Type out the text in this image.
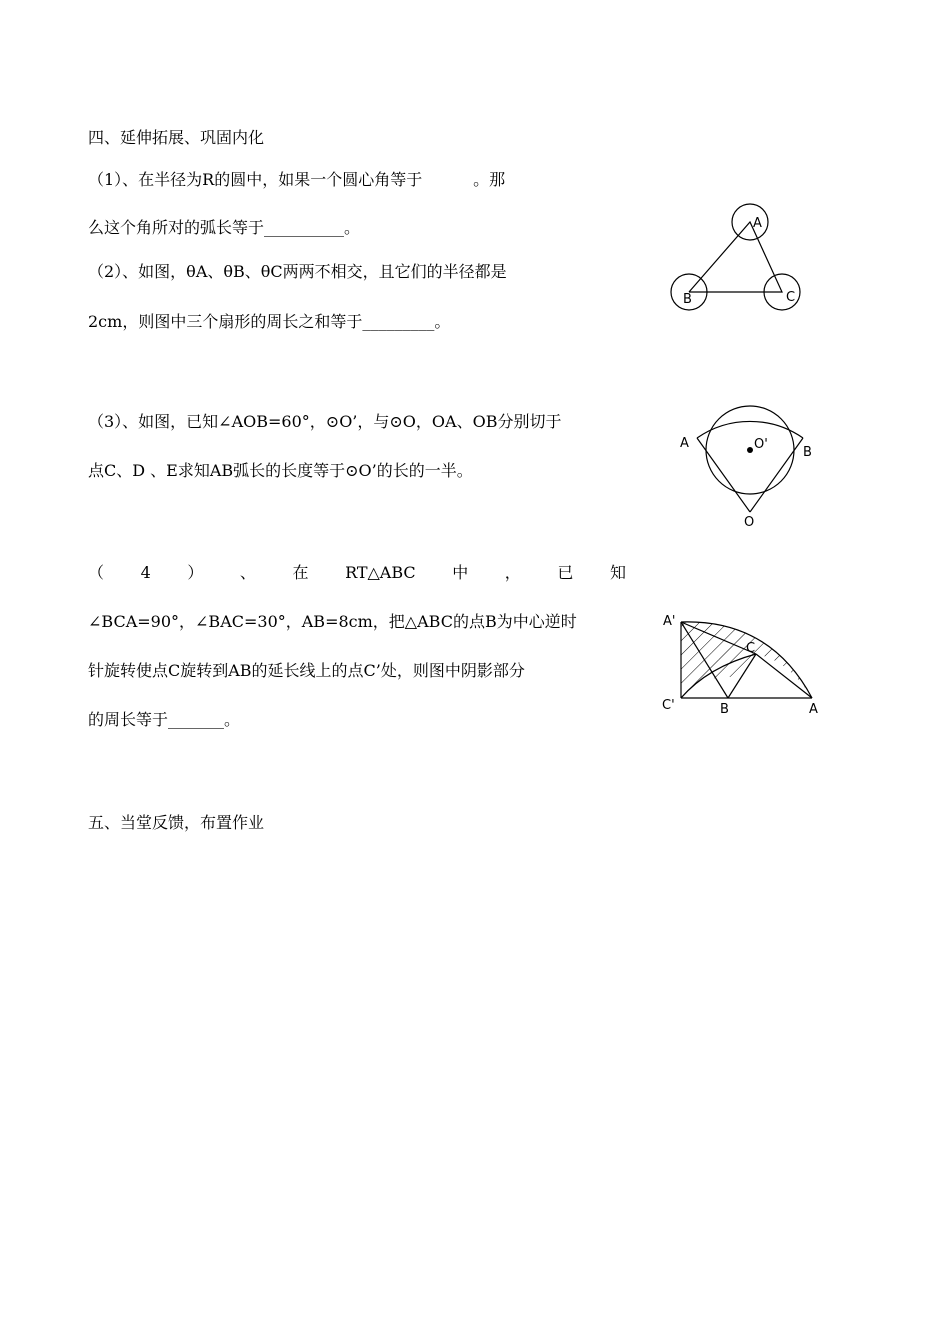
四、延伸拓展、巩固内化
（1）、在半径为R的圆中，如果一个圆心角等于          。那
么这个角所对的弧长等于__________。
（2）、如图，θA、θB、θC两两不相交，且它们的半径都是
2cm，则图中三个扇形的周长之和等于_________。
A
B	C
（3）、如图，已知∠AOB=60°，⊙O’，与⊙O，OA、OB分别切于
点C、D 、E求知AB弧长的长度等于⊙O’的长的一半。
O'
A
B
O
（ 4 ） 、 在 RT△ABC 中 ， 已 知
∠BCA=90°，∠BAC=30°，AB=8cm，把△ABC的点B为中心逆时
针旋转使点C旋转到AB的延长线上的点C’处，则图中阴影部分
的周长等于_______。
A'
C
C'	B	A
五、当堂反馈，布置作业
